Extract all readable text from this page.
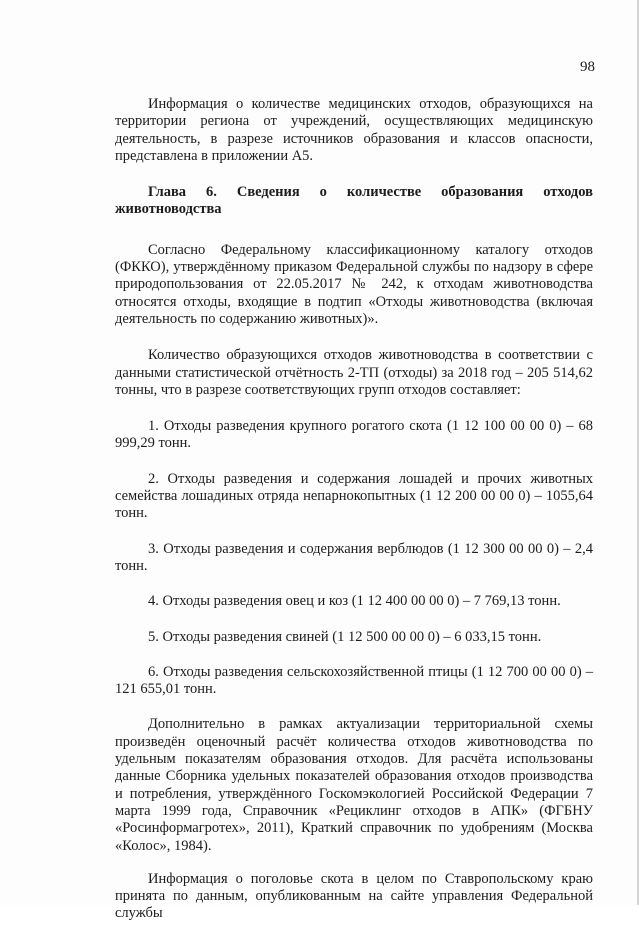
98

Информация о количестве медицинских отходов, образующихся на территории региона от учреждений, осуществляющих медицинскую деятельность, в разрезе источников образования и классов опасности, представлена в приложении А5.

Глава 6. Сведения о количестве образования отходов животноводства

Согласно Федеральному классификационному каталогу отходов (ФККО), утверждённому приказом Федеральной службы по надзору в сфере природопользования от 22.05.2017 № 242, к отходам животноводства относятся отходы, входящие в подтип «Отходы животноводства (включая деятельность по содержанию животных)».

Количество образующихся отходов животноводства в соответствии с данными статистической отчётность 2-ТП (отходы) за 2018 год – 205 514,62 тонны, что в разрезе соответствующих групп отходов составляет:

1. Отходы разведения крупного рогатого скота (1 12 100 00 00 0) – 68 999,29 тонн.

2. Отходы разведения и содержания лошадей и прочих животных семейства лошадиных отряда непарнокопытных (1 12 200 00 00 0) – 1055,64 тонн.

3. Отходы разведения и содержания верблюдов (1 12 300 00 00 0) – 2,4 тонн.

4. Отходы разведения овец и коз (1 12 400 00 00 0) – 7 769,13 тонн.

5. Отходы разведения свиней (1 12 500 00 00 0) – 6 033,15 тонн.

6. Отходы разведения сельскохозяйственной птицы (1 12 700 00 00 0) – 121 655,01 тонн.

Дополнительно в рамках актуализации территориальной схемы произведён оценочный расчёт количества отходов животноводства по удельным показателям образования отходов. Для расчёта использованы данные Сборника удельных показателей образования отходов производства и потребления, утверждённого Госкомэкологией Российской Федерации 7 марта 1999 года, Справочник «Рециклинг отходов в АПК» (ФГБНУ «Росинформагротех», 2011), Краткий справочник по удобрениям (Москва «Колос», 1984).

Информация о поголовье скота в целом по Ставропольскому краю принята по данным, опубликованным на сайте управления Федеральной службы
